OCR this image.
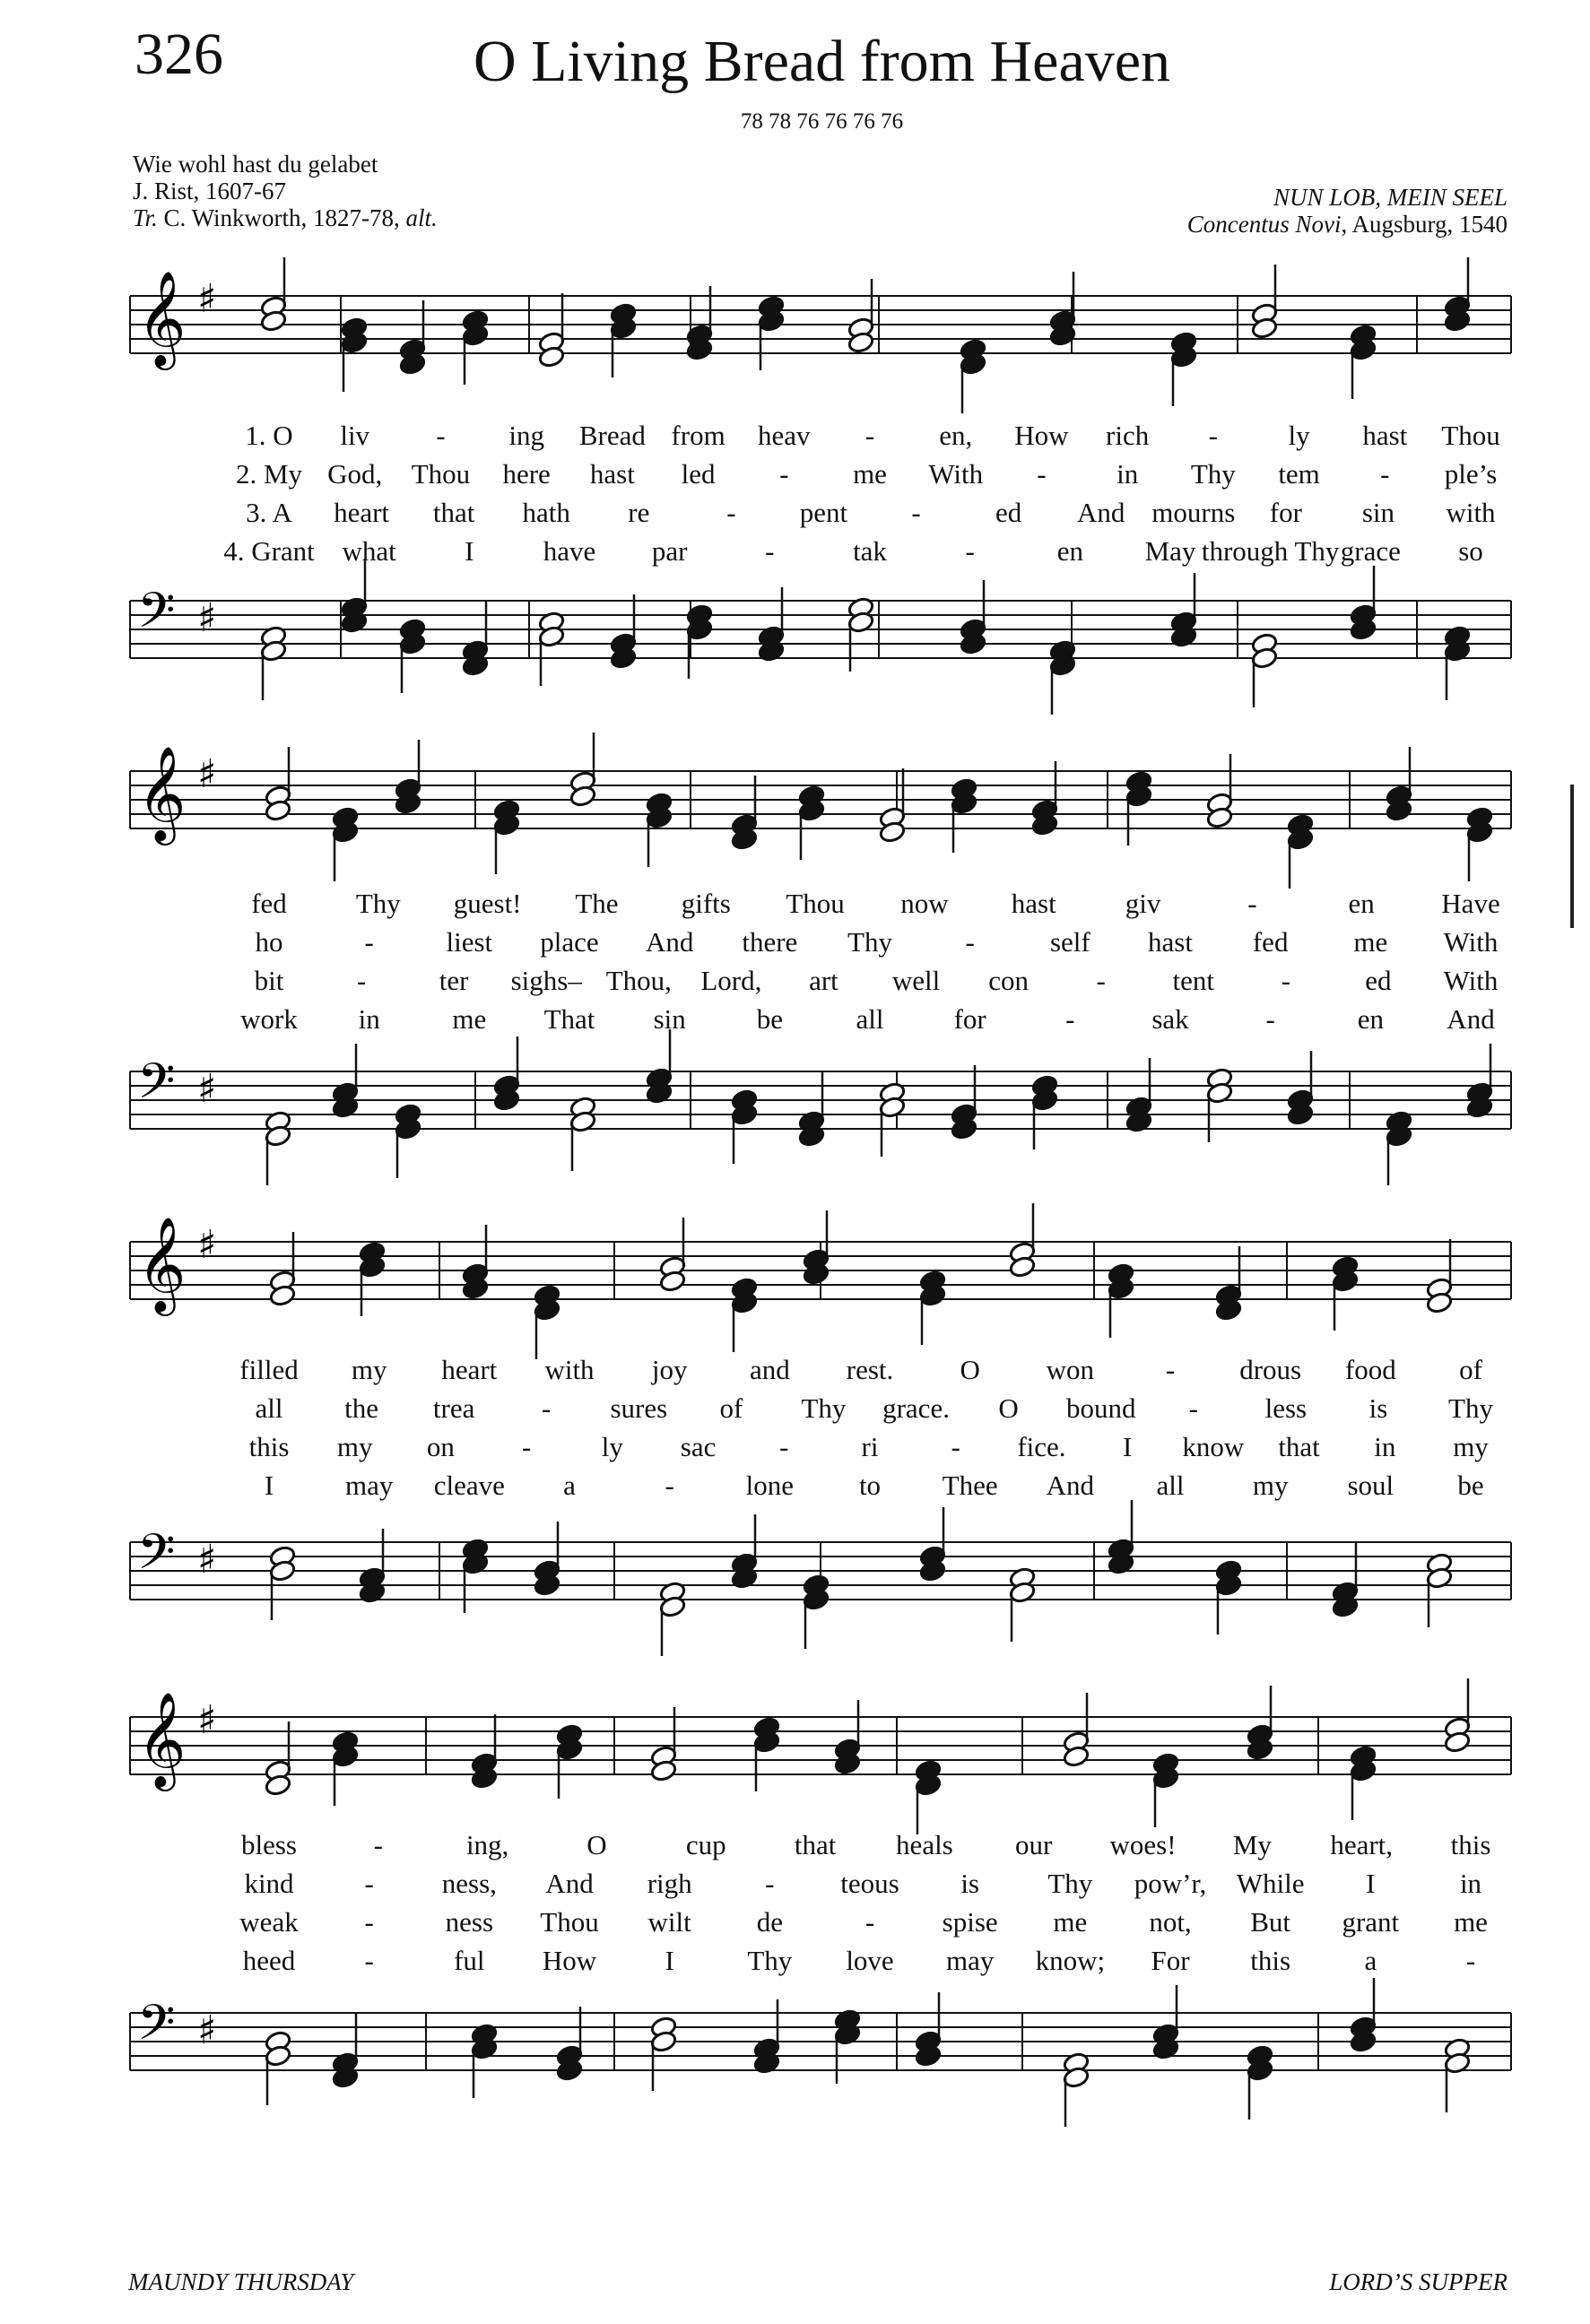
326	O Living Bread from Heaven
78 78 76 76 76 76
Wie wohl hast du gelabet
J. Rist, 1607-67
Tr. C. Winkworth, 1827-78, alt.
NUN LOB, MEIN SEEL
Concentus Novi, Augsburg, 1540
𝄞 ♯
1. O liv - ing Bread from heav - en, How rich -	ly hast Thou
2. My God, Thou here hast led - me With -	in Thy tem - ple’s
3. A heart that hath re	- pent -	ed And mourns for sin with
4. Grant what I have par	-	tak	-	en May through Thy grace so
𝄢 ♯
𝄞 ♯
fed Thy guest! The gifts Thou now hast giv	-	en Have
ho	-	liest place And there Thy	-	self hast fed me With
bit	-	ter sighs– Thou, Lord, art well con - tent -	ed With
work in	me That sin	be	all	for	-	sak	-	en And
𝄢 ♯
𝄞 ♯
filled my heart with joy and rest. O won	- drous food of
all the trea - sures of Thy grace. O bound - less is Thy
this my on -	ly sac -	ri	- fice. I know that in my
I	may cleave a	-	lone to Thee And all my soul be
𝄢 ♯
𝄞 ♯
bless	-	ing,	O	cup that heals our woes! My heart, this
kind	- ness, And righ	- teous is Thy pow’r, While I	in
weak -	ness Thou wilt de	- spise me not, But grant me
heed -	ful How I	Thy love may know; For this	a	-
𝄢 ♯
MAUNDY THURSDAY	LORD’S SUPPER
